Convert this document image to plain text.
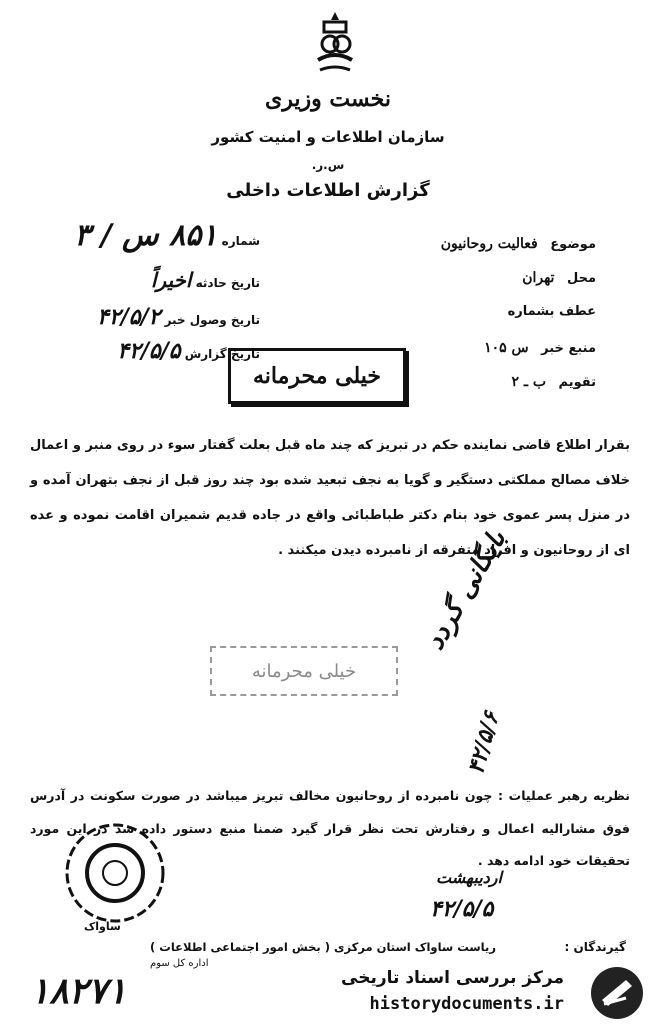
نخست وزیری
سازمان اطلاعات و امنیت کشور
س.ر.
گزارش اطلاعات داخلی
موضوع فعالیت روحانیون
محل تهران
عطف بشماره
منبع خبر س ۱۰۵
تقویم ب ـ ۲
شماره ۸۵۱ س / ۳
تاریخ حادثه اخیراً
تاریخ وصول خبر ۴۲/۵/۲
تاریخ گزارش ۴۲/۵/۵
خیلی محرمانه
بقرار اطلاع قاضی نماینده حکم در تبریز که چند ماه قبل بعلت گفتار سوء در روی منبر و اعمال خلاف مصالح مملکتی دستگیر و گویا به نجف تبعید شده بود چند روز قبل از نجف بتهران آمده و در منزل پسر عموی خود بنام دکتر طباطبائی واقع در جاده قدیم شمیران اقامت نموده و عده ای از روحانیون و افراد متفرقه از نامبرده دیدن میکنند .
خیلی محرمانه
بایگانی گردد
۴۲/۵/۶
نظریه رهبر عملیات : چون نامبرده از روحانیون مخالف تبریز میباشد در صورت سکونت در آدرس فوق مشارالیه اعمال و رفتارش تحت نظر قرار گیرد ضمنا منبع دستور داده شد در این مورد تحقیقات خود ادامه دهد .
اردیبهشت
۴۲/۵/۵
ساواک
گیرندگان :
ریاست ساواک استان مرکزی ( بخش امور اجتماعی اطلاعات )
اداره کل سوم
۱۸۲۷۱	مرکز بررسی اسناد تاریخی
historydocuments.ir
